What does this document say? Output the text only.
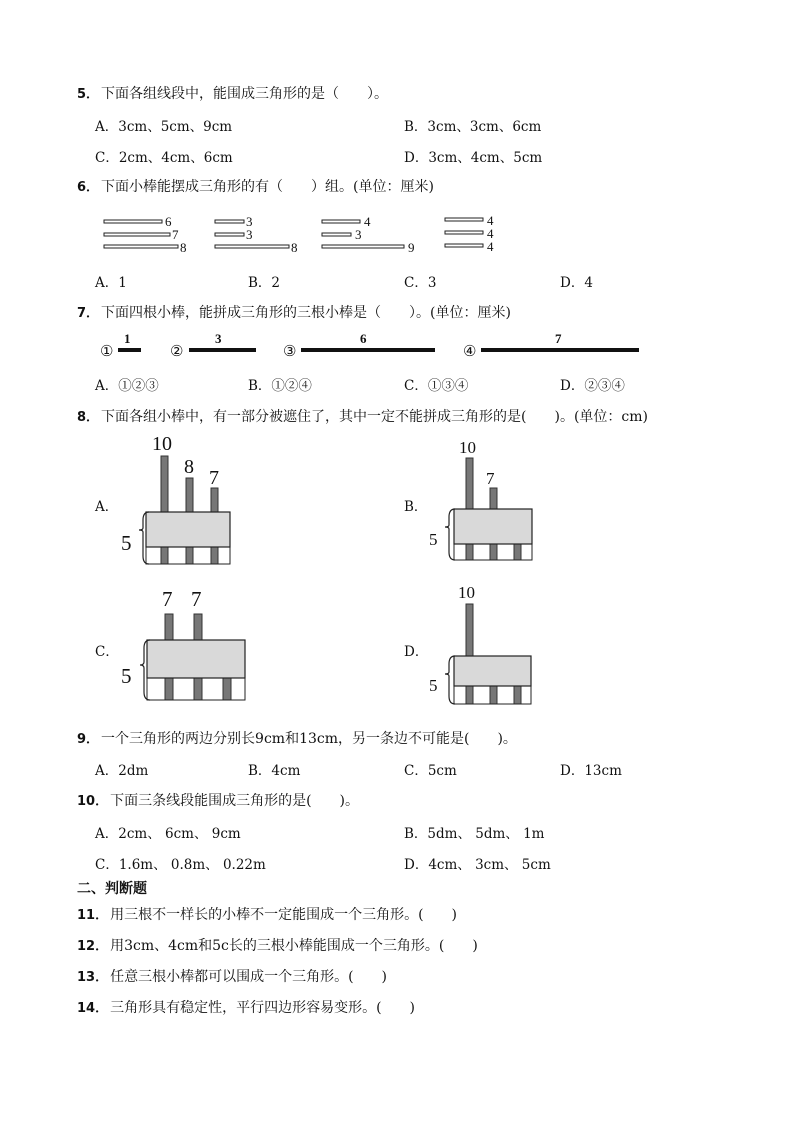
5． 下面各组线段中，能围成三角形的是（　　）。
A．3cm、5cm、9cm	B．3cm、3cm、6cm
C．2cm、4cm、6cm	D．3cm、4cm、5cm
6． 下面小棒能摆成三角形的有（　　）组。(单位：厘米)
6
7
8
3
3
8
4
3
9
4
4
4
A．1	B．2	C．3	D．4
7． 下面四根小棒，能拼成三角形的三根小棒是（　　）。(单位：厘米)
①	②	③	④
1	3	6	7
A．①②③	B．①②④	C．①③④	D．②③④
8． 下面各组小棒中，有一部分被遮住了，其中一定不能拼成三角形的是(　　)。(单位：cm)
A．	B．
C．	D．
5
10
8 7
5
10
7
5
7 7
5
10
9． 一个三角形的两边分别长9cm和13cm，另一条边不可能是(　　)。
A．2dm	B．4cm	C．5cm	D．13cm
10． 下面三条线段能围成三角形的是(　　)。
A．2cm、 6cm、 9cm	B．5dm、 5dm、 1m
C．1.6m、 0.8m、 0.22m	D．4cm、 3cm、 5cm
二、判断题
11． 用三根不一样长的小棒不一定能围成一个三角形。(　　)
12． 用3cm、4cm和5c长的三根小棒能围成一个三角形。(　　)
13． 任意三根小棒都可以围成一个三角形。(　　)
14． 三角形具有稳定性，平行四边形容易变形。(　　)
